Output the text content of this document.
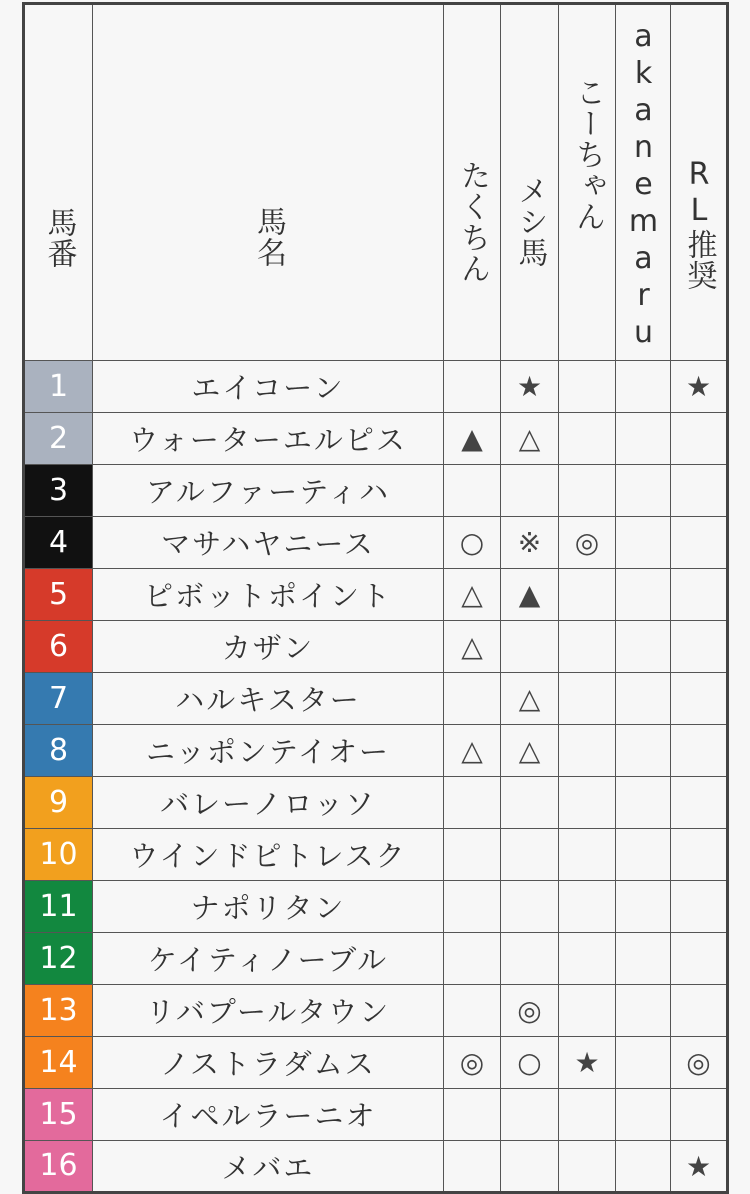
馬番	馬名	たくちん	メシ馬	こーちゃん	akanemaru	RL推奨
1	エイコーン		★			★
2	ウォーターエルピス	▲	△			
3	アルファーティハ					
4	マサハヤニース	○	※	◎		
5	ピボットポイント	△	▲			
6	カザン	△				
7	ハルキスター		△			
8	ニッポンテイオー	△	△			
9	バレーノロッソ					
10	ウインドピトレスク					
11	ナポリタン					
12	ケイティノーブル					
13	リバプールタウン		◎			
14	ノストラダムス	◎	○	★		◎
15	イペルラーニオ					
16	メバエ					★
